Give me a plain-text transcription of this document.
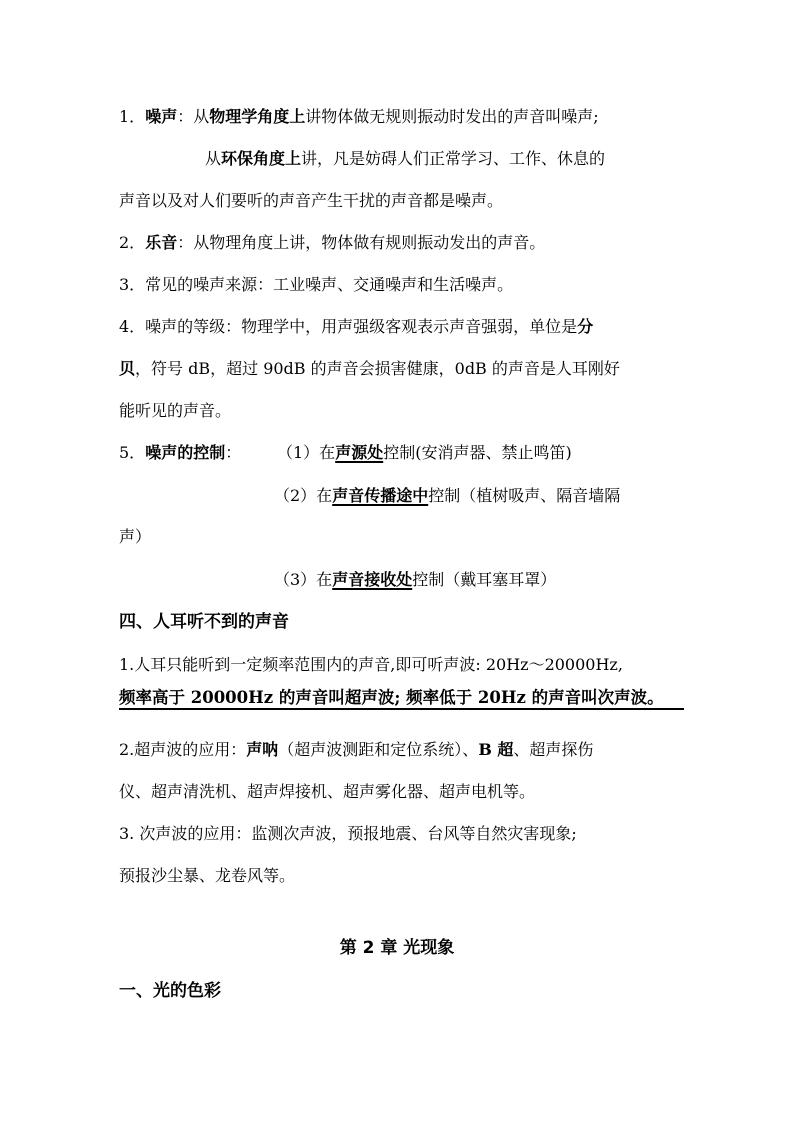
1．噪声：从物理学角度上讲物体做无规则振动时发出的声音叫噪声;
从环保角度上讲，凡是妨碍人们正常学习、工作、休息的
声音以及对人们要听的声音产生干扰的声音都是噪声。
2．乐音：从物理角度上讲，物体做有规则振动发出的声音。
3．常见的噪声来源：工业噪声、交通噪声和生活噪声。
4．噪声的等级：物理学中，用声强级客观表示声音强弱，单位是分
贝，符号 dB，超过 90dB 的声音会损害健康，0dB 的声音是人耳刚好
能听见的声音。
5．噪声的控制： （1）在声源处控制(安消声器、禁止鸣笛)
（2）在声音传播途中控制（植树吸声、隔音墙隔
声）
（3）在声音接收处控制（戴耳塞耳罩）
四、人耳听不到的声音
1.人耳只能听到一定频率范围内的声音,即可听声波: 20Hz～20000Hz,
频率高于 20000Hz 的声音叫超声波; 频率低于 20Hz 的声音叫次声波。
2.超声波的应用：声呐（超声波测距和定位系统）、B 超、超声探伤
仪、超声清洗机、超声焊接机、超声雾化器、超声电机等。
3. 次声波的应用：监测次声波，预报地震、台风等自然灾害现象;
预报沙尘暴、龙卷风等。
第 2 章 光现象
一、光的色彩
